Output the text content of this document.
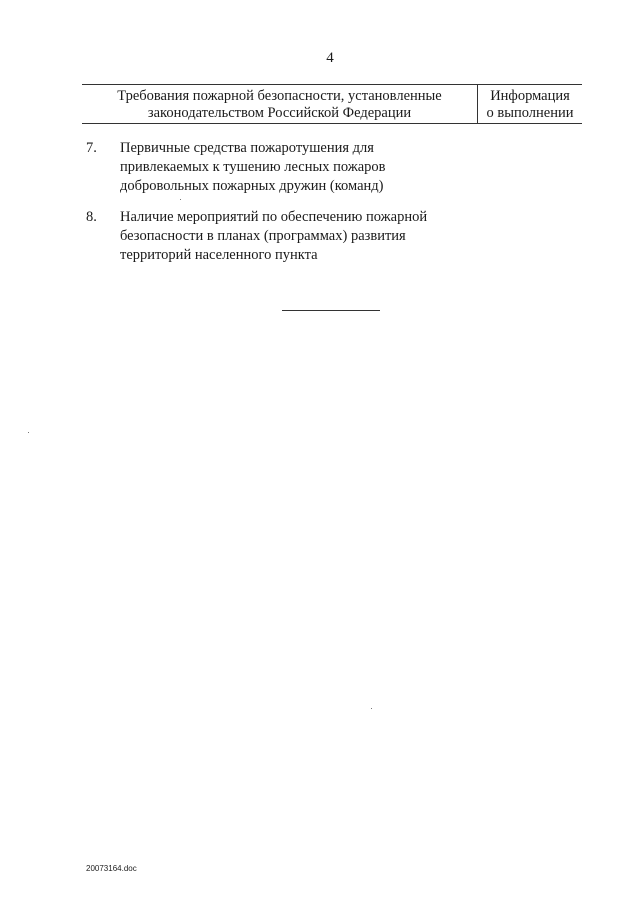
4
Требования пожарной безопасности, установленные
законодательством Российской Федерации
Информация
о выполнении
7.	Первичные средства пожаротушения для
привлекаемых к тушению лесных пожаров
добровольных пожарных дружин (команд)
8.	Наличие мероприятий по обеспечению пожарной
безопасности в планах (программах) развития
территорий населенного пункта
20073164.doc
